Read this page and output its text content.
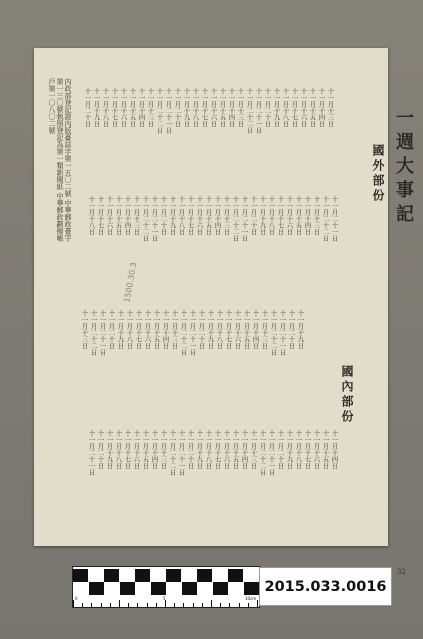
一週大事記
國外部份
國內部份
內政部登記證內版臺誌字第一五〇二號 中華郵政臺字第一三〇號執照登記為第一類新聞紙 中華郵政劃撥帳戶第一〇八〇二號
1500.30.3
32
十一月十三日
十一月十四日
十一月十五日
十一月十六日
十一月十七日
十一月十八日
十一月十九日
十一月二十日
十一月二十一日
十一月二十二日
十一月十三日
十一月十四日
十一月十五日
十一月十六日
十一月十七日
十一月十八日
十一月十九日
十一月二十日
十一月二十一日
十一月二十二日
十一月十三日
十一月十四日
十一月十五日
十一月十六日
十一月十七日
十一月十八日
十一月十九日
十一月二十日
十一月二十一日
十一月二十二日
十一月十三日
十一月十四日
十一月十五日
十一月十六日
十一月十七日
十一月十八日
十一月十九日
十一月二十日
十一月二十一日
十一月二十二日
十一月十三日
十一月十四日
十一月十五日
十一月十六日
十一月十七日
十一月十八日
十一月十九日
十一月二十日
十一月二十一日
十一月二十二日
十一月十三日
十一月十四日
十一月十五日
十一月十六日
十一月十七日
十一月十八日
十一月十九日
十一月二十日
十一月二十一日
十一月二十二日
十一月十三日
十一月十四日
十一月十五日
十一月十六日
十一月十七日
十一月十八日
十一月十九日
十一月二十日
十一月二十一日
十一月二十二日
十一月十三日
十一月十四日
十一月十五日
十一月十六日
十一月十七日
十一月十八日
十一月十九日
十一月二十日
十一月二十一日
十一月二十二日
十一月十三日
十一月十四日
十一月十五日
十一月十六日
十一月十七日
十一月十八日
十一月十九日
十一月二十日
十一月二十一日
十一月二十二日
十一月十三日
十一月十四日
十一月十五日
十一月十六日
十一月十七日
十一月十八日
十一月十九日
十一月二十日
十一月二十一日
十一月二十二日
十一月十三日
十一月十四日
十一月十五日
十一月十六日
十一月十七日
十一月十八日
十一月十九日
十一月二十日
十一月二十一日
0	5	10cm
2015.033.0016
